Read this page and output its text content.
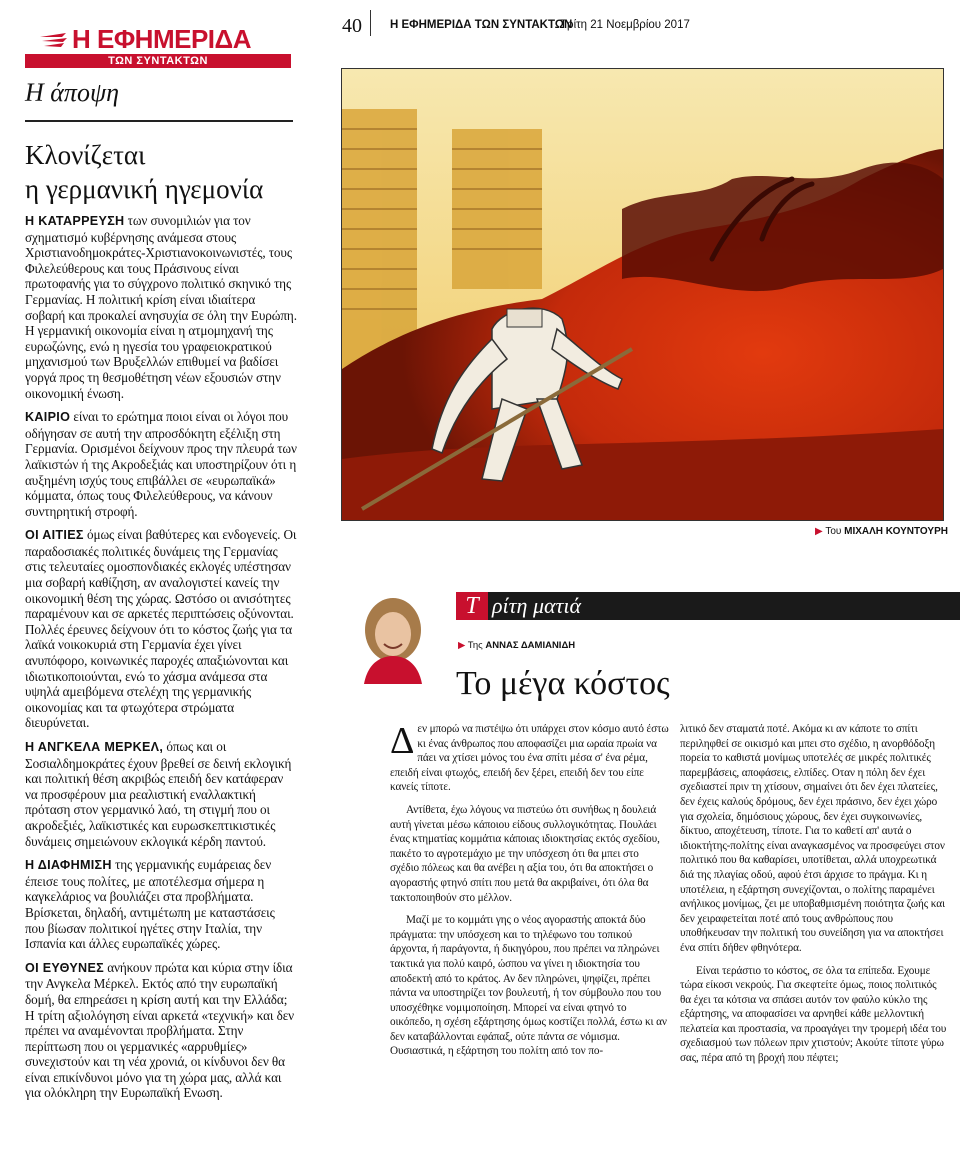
Η ΕΦΗΜΕΡΙΔΑ
ΤΩΝ ΣΥΝΤΑΚΤΩΝ
Η άποψη
Κλονίζεται
η γερμανική ηγεμονία

Η ΚΑΤΑΡΡΕΥΣΗ των συνομιλιών για τον σχηματισμό κυβέρνησης ανάμεσα στους Χριστιανοδημοκράτες-Χριστιανοκοινωνιστές, τους Φιλελεύθερους και τους Πράσινους είναι πρωτοφανής για το σύγχρονο πολιτικό σκηνικό της Γερμανίας. Η πολιτική κρίση είναι ιδιαίτερα σοβαρή και προκαλεί ανησυχία σε όλη την Ευρώπη. Η γερμανική οικονομία είναι η ατμομηχανή της ευρωζώνης, ενώ η ηγεσία του γραφειοκρατικού μηχανισμού των Βρυξελλών επιθυμεί να βαδίσει γοργά προς τη θεσμοθέτηση νέων εξουσιών στην οικονομική ένωση.

ΚΑΙΡΙΟ είναι το ερώτημα ποιοι είναι οι λόγοι που οδήγησαν σε αυτή την απροσδόκητη εξέλιξη στη Γερμανία. Ορισμένοι δείχνουν προς την πλευρά των λαϊκιστών ή της Ακροδεξιάς και υποστηρίζουν ότι η αυξημένη ισχύς τους επιβάλλει σε «ευρωπαϊκά» κόμματα, όπως τους Φιλελεύθερους, να κάνουν συντηρητική στροφή.

ΟΙ ΑΙΤΙΕΣ όμως είναι βαθύτερες και ενδογενείς. Οι παραδοσιακές πολιτικές δυνάμεις της Γερμανίας στις τελευταίες ομοσπονδιακές εκλογές υπέστησαν μια σοβαρή καθίζηση, αν αναλογιστεί κανείς την οικονομική θέση της χώρας. Ωστόσο οι ανισότητες παραμένουν και σε αρκετές περιπτώσεις οξύνονται. Πολλές έρευνες δείχνουν ότι το κόστος ζωής για τα λαϊκά νοικοκυριά στη Γερμανία έχει γίνει ανυπόφορο, κοινωνικές παροχές απαξιώνονται και ιδιωτικοποιούνται, ενώ το χάσμα ανάμεσα στα υψηλά αμειβόμενα στελέχη της γερμανικής οικονομίας και τα φτωχότερα στρώματα διευρύνεται.

Η ΑΝΓΚΕΛΑ ΜΕΡΚΕΛ, όπως και οι Σοσιαλδημοκράτες έχουν βρεθεί σε δεινή εκλογική και πολιτική θέση ακριβώς επειδή δεν κατάφεραν να προσφέρουν μια ρεαλιστική εναλλακτική πρόταση στον γερμανικό λαό, τη στιγμή που οι ακροδεξιές, λαϊκιστικές και ευρωσκεπτικιστικές δυνάμεις σημειώνουν εκλογικά κέρδη παντού.

Η ΔΙΑΦΗΜΙΣΗ της γερμανικής ευμάρειας δεν έπεισε τους πολίτες, με αποτέλεσμα σήμερα η καγκελάριος να βουλιάζει στα προβλήματα. Βρίσκεται, δηλαδή, αντιμέτωπη με καταστάσεις που βίωσαν πολιτικοί ηγέτες στην Ιταλία, την Ισπανία και άλλες ευρωπαϊκές χώρες.

ΟΙ ΕΥΘΥΝΕΣ ανήκουν πρώτα και κύρια στην ίδια την Ανγκελα Μέρκελ. Εκτός από την ευρωπαϊκή δομή, θα επηρεάσει η κρίση αυτή και την Ελλάδα; Η τρίτη αξιολόγηση είναι αρκετά «τεχνική» και δεν πρέπει να αναμένονται προβλήματα. Στην περίπτωση που οι γερμανικές «αρρυθμίες» συνεχιστούν και τη νέα χρονιά, οι κίνδυνοι δεν θα είναι επικίνδυνοι μόνο για τη χώρα μας, αλλά και για ολόκληρη την Ευρωπαϊκή Ενωση.

40 Η ΕΦΗΜΕΡΙΔΑ ΤΩΝ ΣΥΝΤΑΚΤΩΝ
Τρίτη 21 Νοεμβρίου 2017
▶ Του ΜΙΧΑΛΗ ΚΟΥΝΤΟΥΡΗ
Τ ρίτη ματιά
▶ Της ΑΝΝΑΣ ΔΑΜΙΑΝΙΔΗ
Το μέγα κόστος

Δεν μπορώ να πιστέψω ότι υπάρχει στον κόσμο αυτό έστω κι ένας άνθρωπος που αποφασίζει μια ωραία πρωία να πάει να χτίσει μόνος του ένα σπίτι μέσα σ' ένα ρέμα, επειδή είναι φτωχός, επειδή δεν ξέρει, επειδή δεν του είπε κανείς τίποτε.

Αντίθετα, έχω λόγους να πιστεύω ότι συνήθως η δουλειά αυτή γίνεται μέσω κάποιου είδους συλλογικότητας. Πουλάει ένας κτηματίας κομμάτια κάποιας ιδιοκτησίας εκτός σχεδίου, πακέτο το αγροτεμάχιο με την υπόσχεση ότι θα μπει στο σχέδιο πόλεως και θα ανέβει η αξία του, ότι θα αποκτήσει ο αγοραστής φτηνό σπίτι που μετά θα ακριβαίνει, ότι όλα θα τακτοποιηθούν στο μέλλον.

Μαζί με το κομμάτι γης ο νέος αγοραστής αποκτά δύο πράγματα: την υπόσχεση και το τηλέφωνο του τοπικού άρχοντα, ή παράγοντα, ή δικηγόρου, που πρέπει να πληρώνει τακτικά για πολύ καιρό, ώσπου να γίνει η ιδιοκτησία του αποδεκτή από το κράτος. Αν δεν πληρώνει, ψηφίζει, πρέπει πάντα να υποστηρίζει τον βουλευτή, ή τον σύμβουλο που του υποσχέθηκε νομιμοποίηση. Μπορεί να είναι φτηνό το οικόπεδο, η σχέση εξάρτησης όμως κοστίζει πολλά, έστω κι αν δεν καταβάλλονται εφάπαξ, ούτε πάντα σε νόμισμα. Ουσιαστικά, η εξάρτηση του πολίτη από τον πο-

λιτικό δεν σταματά ποτέ. Ακόμα κι αν κάποτε το σπίτι περιληφθεί σε οικισμό και μπει στο σχέδιο, η ανορθόδοξη πορεία το καθιστά μονίμως υποτελές σε μικρές πολιτικές παρεμβάσεις, αποφάσεις, ελπίδες. Οταν η πόλη δεν έχει σχεδιαστεί πριν τη χτίσουν, σημαίνει ότι δεν έχει πλατείες, δεν έχεις καλούς δρόμους, δεν έχει πράσινο, δεν έχει χώρο για σχολεία, δημόσιους χώρους, δεν έχει συγκοινωνίες, δίκτυο, αποχέτευση, τίποτε. Για το καθετί απ' αυτά ο ιδιοκτήτης-πολίτης είναι αναγκασμένος να προσφεύγει στον πολιτικό που θα καθαρίσει, υποτίθεται, αλλά υποχρεωτικά διά της πλαγίας οδού, αφού έτσι άρχισε το πράγμα. Κι η υποτέλεια, η εξάρτηση συνεχίζονται, ο πολίτης παραμένει ανήλικος μονίμως, ζει με υποβαθμισμένη ποιότητα ζωής και δεν χειραφετείται ποτέ από τους ανθρώπους που υποθήκευσαν την πολιτική του συνείδηση για να αποκτήσει ένα σπίτι δήθεν φθηνότερα.

Είναι τεράστιο το κόστος, σε όλα τα επίπεδα. Εχουμε τώρα είκοσι νεκρούς. Για σκεφτείτε όμως, ποιος πολιτικός θα έχει τα κότσια να σπάσει αυτόν τον φαύλο κύκλο της εξάρτησης, να αποφασίσει να αρνηθεί κάθε μελλοντική πελατεία και προστασία, να προαγάγει την τρομερή ιδέα του σχεδιασμού των πόλεων πριν χτιστούν; Ακούτε τίποτε γύρω σας, πέρα από τη βροχή που πέφτει;
